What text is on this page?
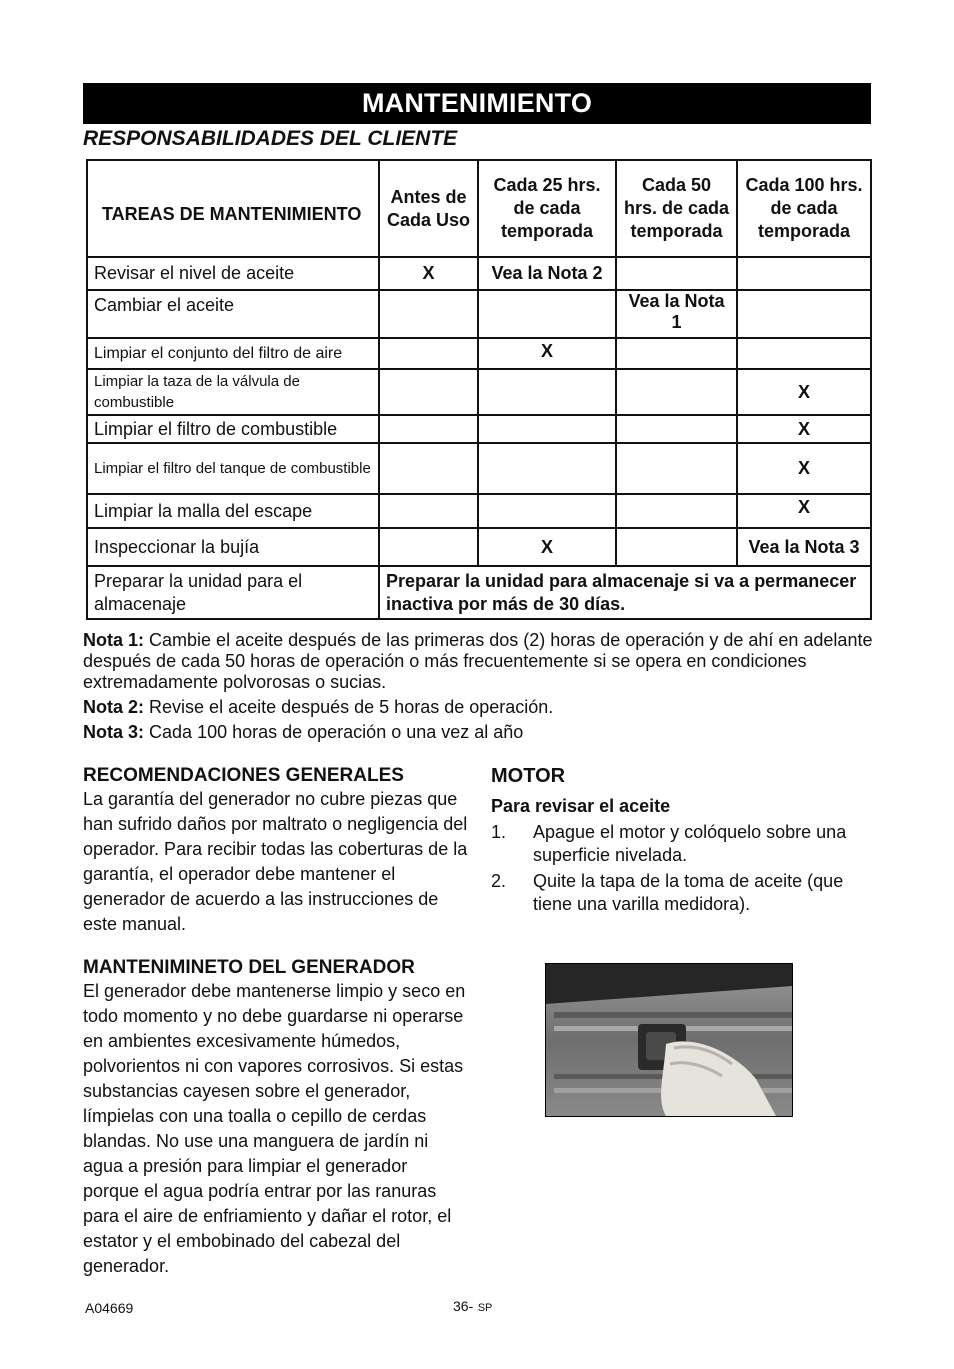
MANTENIMIENTO
RESPONSABILIDADES DEL CLIENTE
TAREAS DE MANTENIMIENTO	Antes de Cada Uso	Cada 25 hrs. de cada temporada	Cada 50 hrs. de cada temporada	Cada 100 hrs. de cada temporada
Revisar el nivel de aceite	X	Vea la Nota 2		
Cambiar el aceite			Vea la Nota 1	
Limpiar el conjunto del filtro de aire		X		
Limpiar la taza de la válvula de combustible				X
Limpiar el filtro de combustible				X
Limpiar el filtro del tanque de combustible				X
Limpiar la malla del escape				X
Inspeccionar la bujía		X		Vea la Nota 3
Preparar la unidad para el almacenaje	Preparar la unidad para almacenaje si va a permanecer inactiva por más de 30 días.			

Nota 1: Cambie el aceite después de las primeras dos (2) horas de operación y de ahí en adelante después de cada 50 horas de operación o más frecuentemente si se opera en condiciones extremadamente polvorosas o sucias.

Nota 2: Revise el aceite después de 5 horas de operación.

Nota 3: Cada 100 horas de operación o una vez al año

RECOMENDACIONES GENERALES
La garantía del generador no cubre piezas que han sufrido daños por maltrato o negligencia del operador. Para recibir todas las coberturas de la garantía, el operador debe mantener el generador de acuerdo a las instrucciones de este manual.
MANTENIMINETO DEL GENERADOR
El generador debe mantenerse limpio y seco en todo momento y no debe guardarse ni operarse en ambientes excesivamente húmedos, polvorientos ni con vapores corrosivos. Si estas substancias cayesen sobre el generador, límpielas con una toalla o cepillo de cerdas blandas. No use una manguera de jardín ni agua a presión para limpiar el generador porque el agua podría entrar por las ranuras para el aire de enfriamiento y dañar el rotor, el estator y el embobinado del cabezal del generador.
MOTOR
Para revisar el aceite
1. Apague el motor y colóquelo sobre una superficie nivelada.
2. Quite la tapa de la toma de aceite (que tiene una varilla medidora).
A04669	36- SP
